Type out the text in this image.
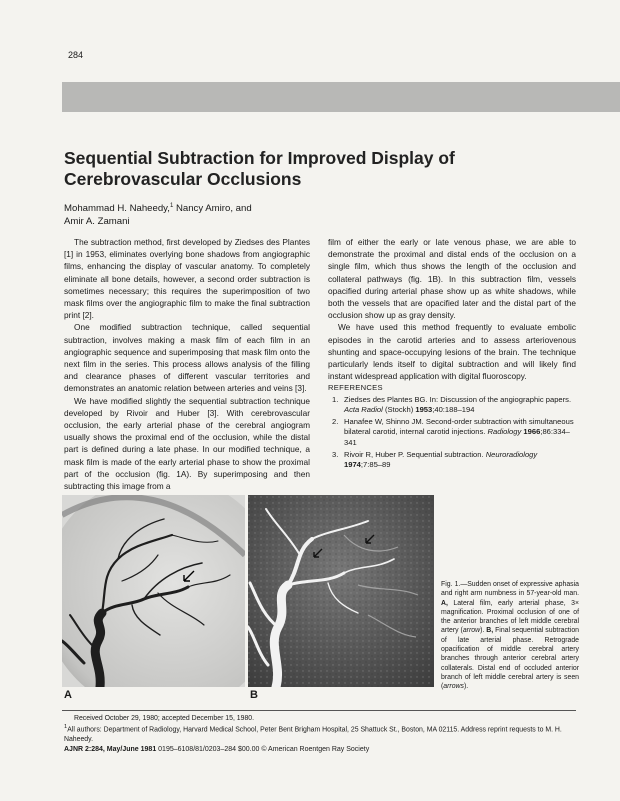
284
Sequential Subtraction for Improved Display of Cerebrovascular Occlusions
Mohammad H. Naheedy,$^1$ Nancy Amiro, and
Amir A. Zamani

The subtraction method, first developed by Ziedses des Plantes [1] in 1953, eliminates overlying bone shadows from angiographic films, enhancing the display of vascular anatomy. To completely eliminate all bone details, however, a second order subtraction is sometimes necessary; this requires the superimposition of two mask films over the angiographic film to make the final subtraction print [2].

One modified subtraction technique, called sequential subtraction, involves making a mask film of each film in an angiographic sequence and superimposing that mask film onto the next film in the series. This process allows analysis of the filling and clearance phases of different vascular territories and demonstrates an anatomic relation between arteries and veins [3].

We have modified slightly the sequential subtraction technique developed by Rivoir and Huber [3]. With cerebrovascular occlusion, the early arterial phase of the cerebral angiogram usually shows the proximal end of the occlusion, while the distal part is defined during a late phase. In our modified technique, a mask film is made of the early arterial phase to show the proximal part of the occlusion (fig. 1A). By superimposing and then subtracting this image from a

film of either the early or late venous phase, we are able to demonstrate the proximal and distal ends of the occlusion on a single film, which thus shows the length of the occlusion and collateral pathways (fig. 1B). In this subtraction film, vessels opacified during arterial phase show up as white shadows, while both the vessels that are opacified later and the distal part of the occlusion show up as gray density.

We have used this method frequently to evaluate embolic episodes in the carotid arteries and to assess arteriovenous shunting and space-occupying lesions of the brain. The technique particularly lends itself to digital subtraction and will likely find instant widespread application with digital fluoroscopy.

REFERENCES

1. Ziedses des Plantes BG. In: Discussion of the angiographic papers. Acta Radiol (Stockh) 1953;40:188–194
2. Hanafee W, Shinno JM. Second-order subtraction with simultaneous bilateral carotid, internal carotid injections. Radiology 1966;86:334–341
3. Rivoir R, Huber P. Sequential subtraction. Neuroradiology 1974;7:85–89
A	B
Fig. 1.—Sudden onset of expressive aphasia and right arm numbness in 57-year-old man. A, Lateral film, early arterial phase, 3× magnification. Proximal occlusion of one of the anterior branches of left middle cerebral artery (arrow). B, Final sequential subtraction of late arterial phase. Retrograde opacification of middle cerebral artery branches through anterior cerebral artery collaterals. Distal end of occluded anterior branch of left middle cerebral artery is seen (arrows).
Received October 29, 1980; accepted December 15, 1980.
$^1$All authors: Department of Radiology, Harvard Medical School, Peter Bent Brigham Hospital, 25 Shattuck St., Boston, MA 02115. Address reprint requests to M. H. Naheedy.
AJNR 2:284, May/June 1981 0195–6108/81/0203–284 $00.00 © American Roentgen Ray Society
